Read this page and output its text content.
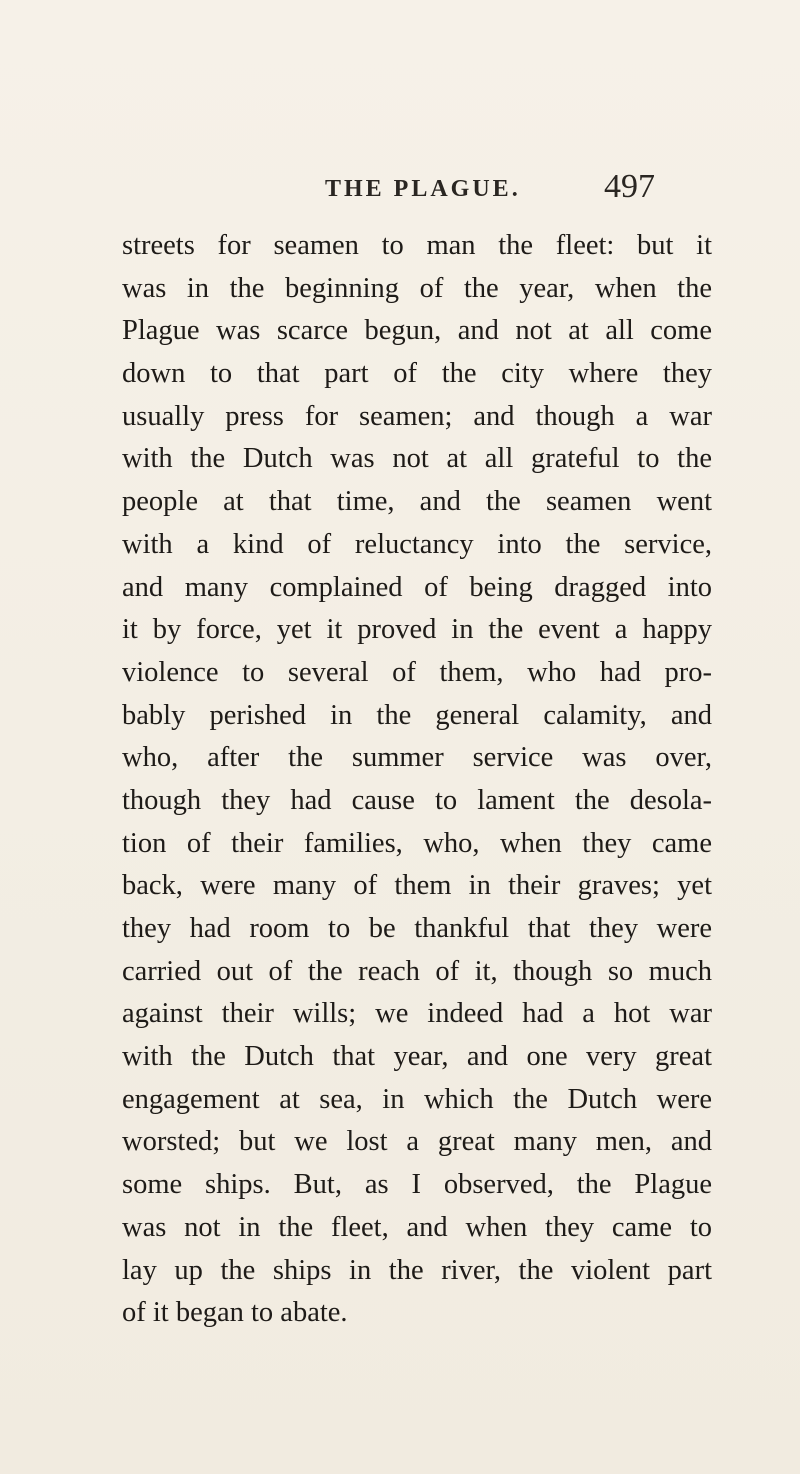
THE PLAGUE. 497
streets for seamen to man the fleet: but it
was in the beginning of the year, when the
Plague was scarce begun, and not at all come
down to that part of the city where they
usually press for seamen; and though a war
with the Dutch was not at all grateful to the
people at that time, and the seamen went
with a kind of reluctancy into the service,
and many complained of being dragged into
it by force, yet it proved in the event a happy
violence to several of them, who had pro-
bably perished in the general calamity, and
who, after the summer service was over,
though they had cause to lament the desola-
tion of their families, who, when they came
back, were many of them in their graves; yet
they had room to be thankful that they were
carried out of the reach of it, though so much
against their wills; we indeed had a hot war
with the Dutch that year, and one very great
engagement at sea, in which the Dutch were
worsted; but we lost a great many men, and
some ships. But, as I observed, the Plague
was not in the fleet, and when they came to
lay up the ships in the river, the violent part
of it began to abate.
